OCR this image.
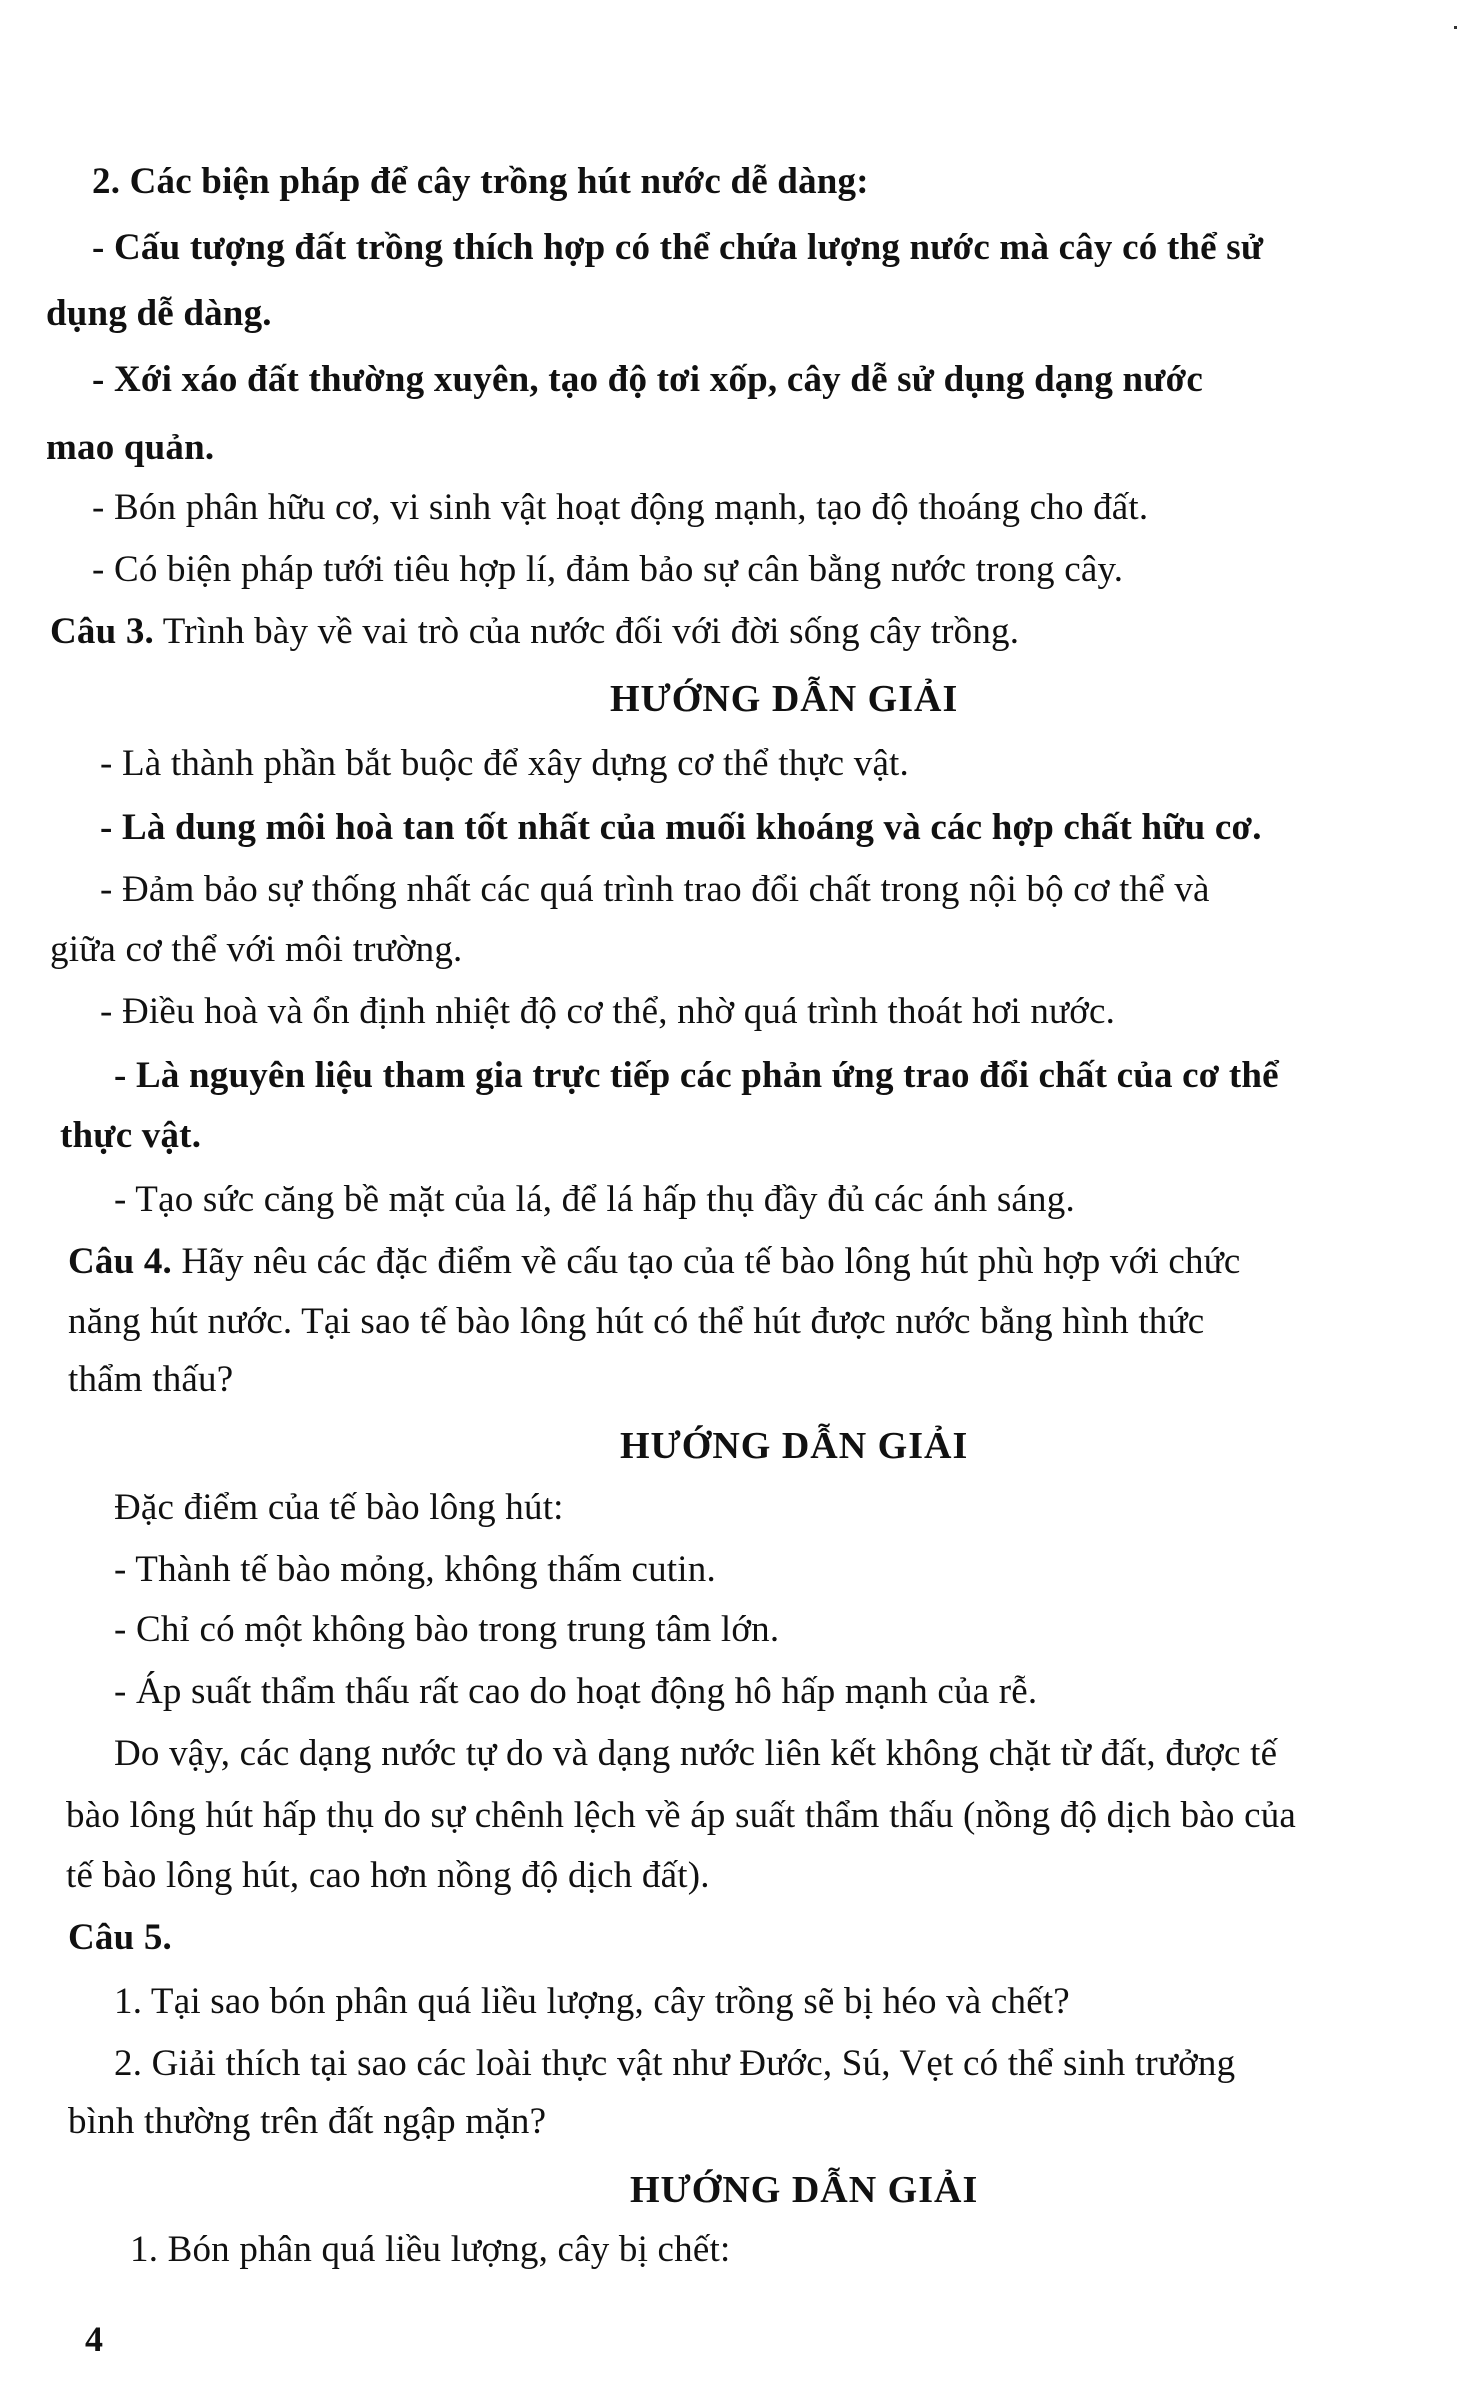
2. Các biện pháp để cây trồng hút nước dễ dàng:
- Cấu tượng đất trồng thích hợp có thể chứa lượng nước mà cây có thể sử
dụng dễ dàng.
- Xới xáo đất thường xuyên, tạo độ tơi xốp, cây dễ sử dụng dạng nước
mao quản.
- Bón phân hữu cơ, vi sinh vật hoạt động mạnh, tạo độ thoáng cho đất.
- Có biện pháp tưới tiêu hợp lí, đảm bảo sự cân bằng nước trong cây.
Câu 3. Trình bày về vai trò của nước đối với đời sống cây trồng.
HƯỚNG DẪN GIẢI
- Là thành phần bắt buộc để xây dựng cơ thể thực vật.
- Là dung môi hoà tan tốt nhất của muối khoáng và các hợp chất hữu cơ.
- Đảm bảo sự thống nhất các quá trình trao đổi chất trong nội bộ cơ thể và
giữa cơ thể với môi trường.
- Điều hoà và ổn định nhiệt độ cơ thể, nhờ quá trình thoát hơi nước.
- Là nguyên liệu tham gia trực tiếp các phản ứng trao đổi chất của cơ thể
thực vật.
- Tạo sức căng bề mặt của lá, để lá hấp thụ đầy đủ các ánh sáng.
Câu 4. Hãy nêu các đặc điểm về cấu tạo của tế bào lông hút phù hợp với chức
năng hút nước. Tại sao tế bào lông hút có thể hút được nước bằng hình thức
thẩm thấu?
HƯỚNG DẪN GIẢI
Đặc điểm của tế bào lông hút:
- Thành tế bào mỏng, không thấm cutin.
- Chỉ có một không bào trong trung tâm lớn.
- Áp suất thẩm thấu rất cao do hoạt động hô hấp mạnh của rễ.
Do vậy, các dạng nước tự do và dạng nước liên kết không chặt từ đất, được tế
bào lông hút hấp thụ do sự chênh lệch về áp suất thẩm thấu (nồng độ dịch bào của
tế bào lông hút, cao hơn nồng độ dịch đất).
Câu 5.
1. Tại sao bón phân quá liều lượng, cây trồng sẽ bị héo và chết?
2. Giải thích tại sao các loài thực vật như Đước, Sú, Vẹt có thể sinh trưởng
bình thường trên đất ngập mặn?
HƯỚNG DẪN GIẢI
1. Bón phân quá liều lượng, cây bị chết:
4
